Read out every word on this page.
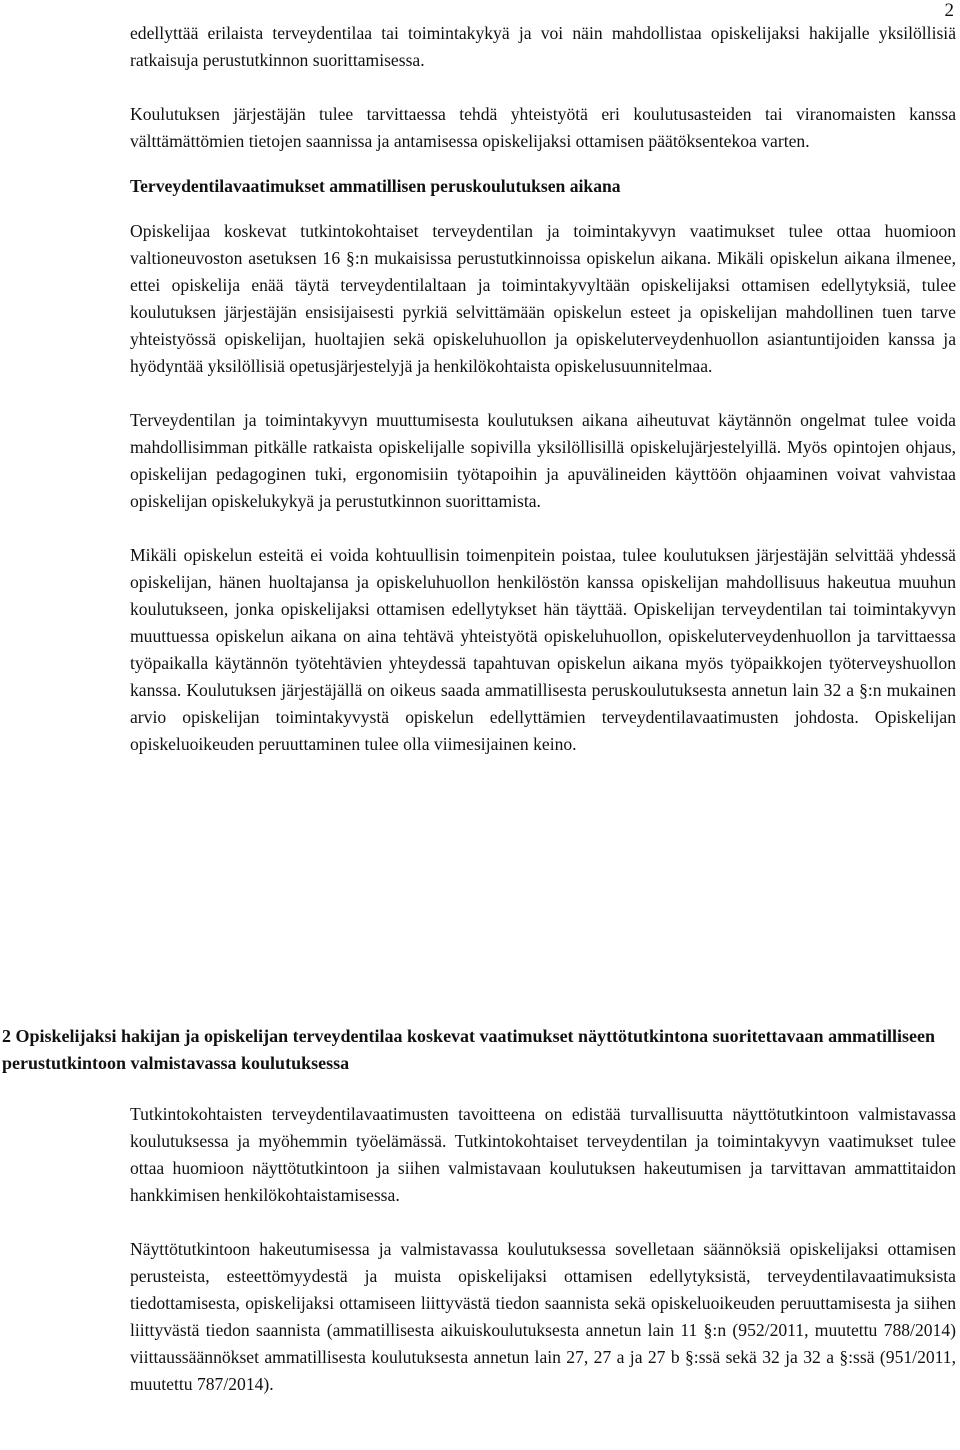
2

edellyttää erilaista terveydentilaa tai toimintakykyä ja voi näin mahdollistaa opiskelijaksi hakijalle yksilöllisiä ratkaisuja perustutkinnon suorittamisessa.

Koulutuksen järjestäjän tulee tarvittaessa tehdä yhteistyötä eri koulutusasteiden tai viranomaisten kanssa välttämättömien tietojen saannissa ja antamisessa opiskelijaksi ottamisen päätöksentekoa varten.

Terveydentilavaatimukset ammatillisen peruskoulutuksen aikana

Opiskelijaa koskevat tutkintokohtaiset terveydentilan ja toimintakyvyn vaatimukset tulee ottaa huomioon valtioneuvoston asetuksen 16 §:n mukaisissa perustutkinnoissa opiskelun aikana. Mikäli opiskelun aikana ilmenee, ettei opiskelija enää täytä terveydentilaltaan ja toimintakyvyltään opiskelijaksi ottamisen edellytyksiä, tulee koulutuksen järjestäjän ensisijaisesti pyrkiä selvittämään opiskelun esteet ja opiskelijan mahdollinen tuen tarve yhteistyössä opiskelijan, huoltajien sekä opiskeluhuollon ja opiskeluterveydenhuollon asiantuntijoiden kanssa ja hyödyntää yksilöllisiä opetusjärjestelyjä ja henkilökohtaista opiskelusuunnitelmaa.

Terveydentilan ja toimintakyvyn muuttumisesta koulutuksen aikana aiheutuvat käytännön ongelmat tulee voida mahdollisimman pitkälle ratkaista opiskelijalle sopivilla yksilöllisillä opiskelujärjestelyillä. Myös opintojen ohjaus, opiskelijan pedagoginen tuki, ergonomisiin työtapoihin ja apuvälineiden käyttöön ohjaaminen voivat vahvistaa opiskelijan opiskelukykyä ja perustutkinnon suorittamista.

Mikäli opiskelun esteitä ei voida kohtuullisin toimenpitein poistaa, tulee koulutuksen järjestäjän selvittää yhdessä opiskelijan, hänen huoltajansa ja opiskeluhuollon henkilöstön kanssa opiskelijan mahdollisuus hakeutua muuhun koulutukseen, jonka opiskelijaksi ottamisen edellytykset hän täyttää. Opiskelijan terveydentilan tai toimintakyvyn muuttuessa opiskelun aikana on aina tehtävä yhteistyötä opiskeluhuollon, opiskeluterveydenhuollon ja tarvittaessa työpaikalla käytännön työtehtävien yhteydessä tapahtuvan opiskelun aikana myös työpaikkojen työterveyshuollon kanssa. Koulutuksen järjestäjällä on oikeus saada ammatillisesta peruskoulutuksesta annetun lain 32 a §:n mukainen arvio opiskelijan toimintakyvystä opiskelun edellyttämien terveydentilavaatimusten johdosta. Opiskelijan opiskeluoikeuden peruuttaminen tulee olla viimesijainen keino.

2 Opiskelijaksi hakijan ja opiskelijan terveydentilaa koskevat vaatimukset näyttötutkintona suoritettavaan ammatilliseen perustutkintoon valmistavassa koulutuksessa

Tutkintokohtaisten terveydentilavaatimusten tavoitteena on edistää turvallisuutta näyttötutkintoon valmistavassa koulutuksessa ja myöhemmin työelämässä. Tutkintokohtaiset terveydentilan ja toimintakyvyn vaatimukset tulee ottaa huomioon näyttötutkintoon ja siihen valmistavaan koulutuksen hakeutumisen ja tarvittavan ammattitaidon hankkimisen henkilökohtaistamisessa.

Näyttötutkintoon hakeutumisessa ja valmistavassa koulutuksessa sovelletaan säännöksiä opiskelijaksi ottamisen perusteista, esteettömyydestä ja muista opiskelijaksi ottamisen edellytyksistä, terveydentilavaatimuksista tiedottamisesta, opiskelijaksi ottamiseen liittyvästä tiedon saannista sekä opiskeluoikeuden peruuttamisesta ja siihen liittyvästä tiedon saannista (ammatillisesta aikuiskoulutuksesta annetun lain 11 §:n (952/2011, muutettu 788/2014) viittaussäännökset ammatillisesta koulutuksesta annetun lain 27, 27 a ja 27 b §:ssä sekä 32 ja 32 a §:ssä (951/2011, muutettu 787/2014).
